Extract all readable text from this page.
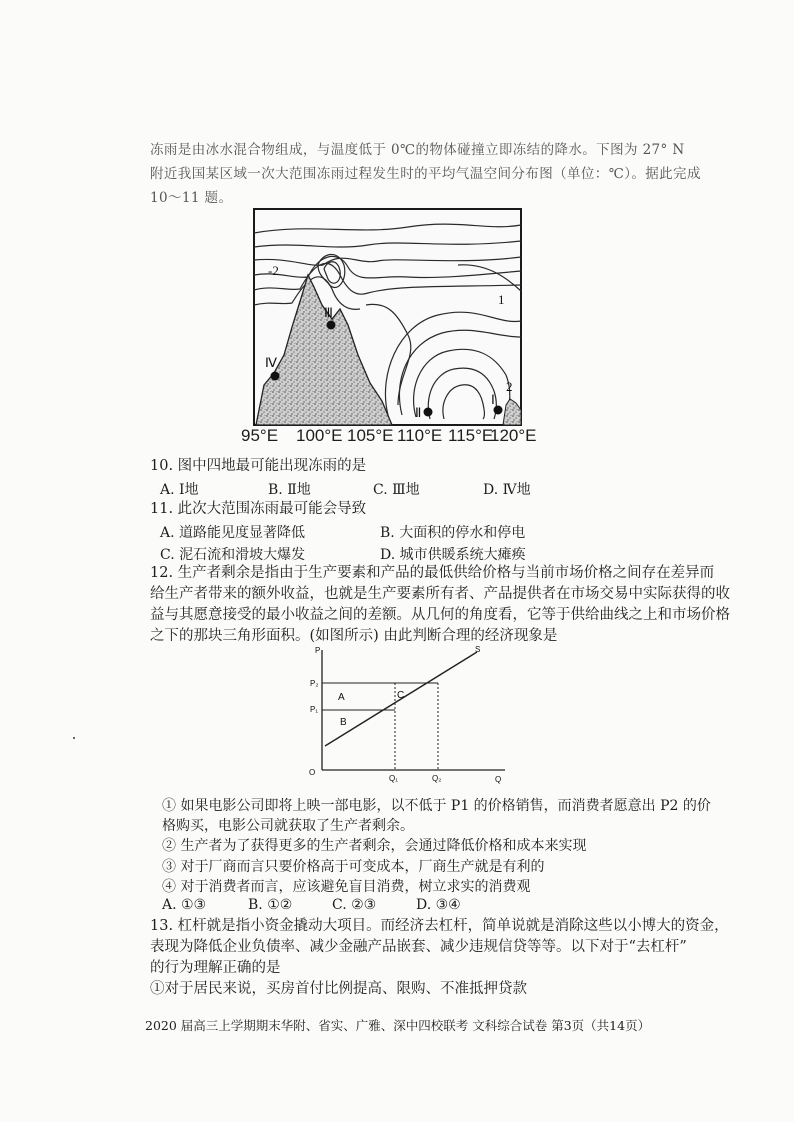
冻雨是由冰水混合物组成，与温度低于 0℃的物体碰撞立即冻结的降水。下图为 27° N
附近我国某区域一次大范围冻雨过程发生时的平均气温空间分布图（单位：℃）。据此完成
10～11 题。
-2
1
2
Ⅰ
Ⅱ
Ⅲ
Ⅳ
95°E 100°E 105°E 110°E 115°E
120°E
10. 图中四地最可能出现冻雨的是
A. Ⅰ地	B. Ⅱ地	C. Ⅲ地	D. Ⅳ地
11. 此次大范围冻雨最可能会导致
A. 道路能见度显著降低	B. 大面积的停水和停电
C. 泥石流和滑坡大爆发	D. 城市供暖系统大瘫痪
12. 生产者剩余是指由于生产要素和产品的最低供给价格与当前市场价格之间存在差异而
给生产者带来的额外收益，也就是生产要素所有者、产品提供者在市场交易中实际获得的收
益与其愿意接受的最小收益之间的差额。从几何的角度看，它等于供给曲线之上和市场价格
之下的那块三角形面积。(如图所示) 由此判断合理的经济现象是
P
Q
O
S
P₂
P₁
Q₁	Q₂
A
B
C
① 如果电影公司即将上映一部电影，以不低于 P1 的价格销售，而消费者愿意出 P2 的价
格购买，电影公司就获取了生产者剩余。
② 生产者为了获得更多的生产者剩余，会通过降低价格和成本来实现
③ 对于厂商而言只要价格高于可变成本，厂商生产就是有利的
④ 对于消费者而言，应该避免盲目消费，树立求实的消费观
A. ①③	B. ①②	C. ②③	D. ③④
13. 杠杆就是指小资金撬动大项目。而经济去杠杆，简单说就是消除这些以小博大的资金，
表现为降低企业负债率、减少金融产品嵌套、减少违规信贷等等。以下对于“去杠杆”
的行为理解正确的是
①对于居民来说，买房首付比例提高、限购、不准抵押贷款
2020 届高三上学期期末华附、省实、广雅、深中四校联考 文科综合试卷 第3页（共14页）
